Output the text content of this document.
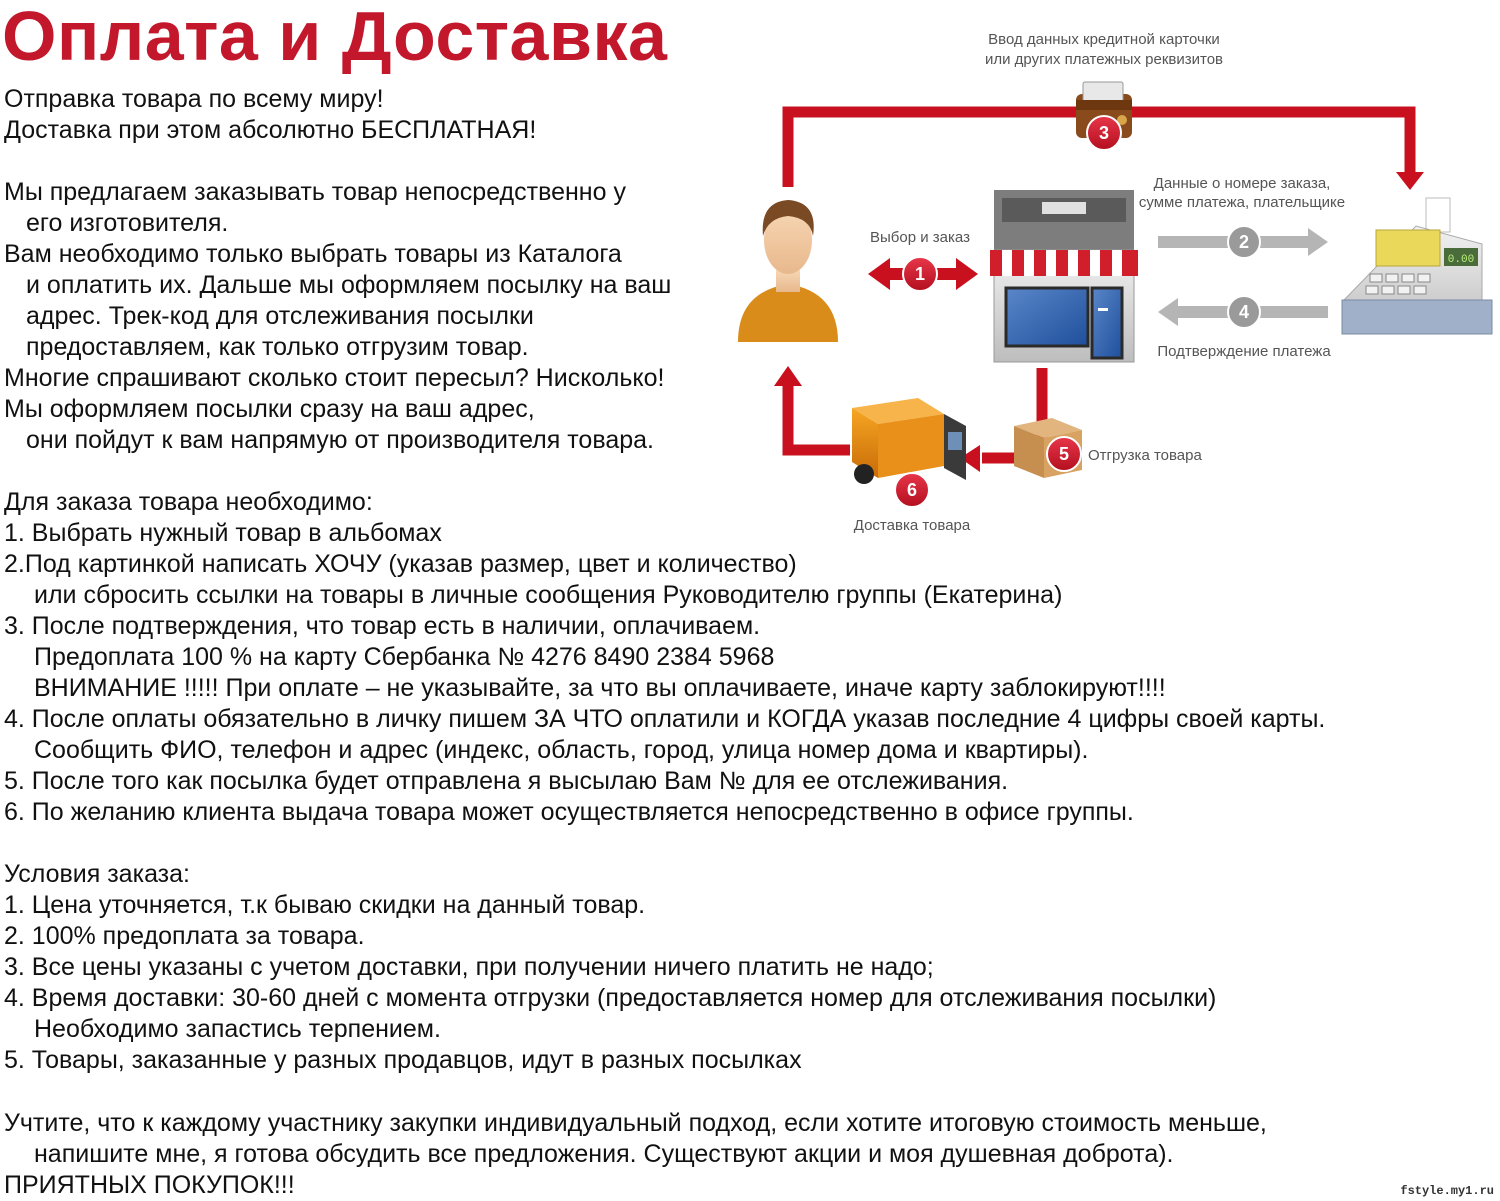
Оплата и Доставка
Отправка товара по всему миру!
Доставка при этом абсолютно БЕСПЛАТНАЯ!
Мы предлагаем заказывать товар непосредственно у
его изготовителя.
Вам необходимо только выбрать товары из Каталога
и оплатить их. Дальше мы оформляем посылку на ваш
адрес. Трек-код для отслеживания посылки
предоставляем, как только отгрузим товар.
Многие спрашивают сколько стоит пересыл? Нисколько!
Мы оформляем посылки сразу на ваш адрес,
они пойдут к вам напрямую от производителя товара.
Для заказа товара необходимо:
1. Выбрать нужный товар в альбомах
2.Под картинкой написать ХОЧУ (указав размер, цвет и количество)
или сбросить ссылки на товары в личные сообщения Руководителю группы (Екатерина)
3. После подтверждения, что товар есть в наличии, оплачиваем.
Предоплата 100 % на карту Сбербанка № 4276 8490 2384 5968
ВНИМАНИЕ !!!!! При оплате – не указывайте, за что вы оплачиваете, иначе карту заблокируют!!!!
4. После оплаты обязательно в личку пишем ЗА ЧТО оплатили и КОГДА указав последние 4 цифры своей карты.
Сообщить ФИО, телефон и адрес (индекс, область, город, улица номер дома и квартиры).
5. После того как посылка будет отправлена я высылаю Вам № для ее отслеживания.
6. По желанию клиента выдача товара может осуществляется непосредственно в офисе группы.
Условия заказа:
1. Цена уточняется, т.к бываю скидки на данный товар.
2. 100% предоплата за товара.
3. Все цены указаны с учетом доставки, при получении ничего платить не надо;
4. Время доставки: 30-60 дней с момента отгрузки (предоставляется номер для отслеживания посылки)
Необходимо запастись терпением.
5. Товары, заказанные у разных продавцов, идут в разных посылках
Учтите, что к каждому участнику закупки индивидуальный подход, если хотите итоговую стоимость меньше,
напишите мне, я готова обсудить все предложения. Существуют акции и моя душевная доброта).
ПРИЯТНЫХ ПОКУПОК!!!
Ввод данных кредитной карточки
или других платежных реквизитов
3
Выбор и заказ
1
Данные о номере заказа,
сумме платежа, плательщике
2
4
Подтверждение платежа
0.00
5 Отгрузка товара
6
Доставка товара
fstyle.my1.ru
